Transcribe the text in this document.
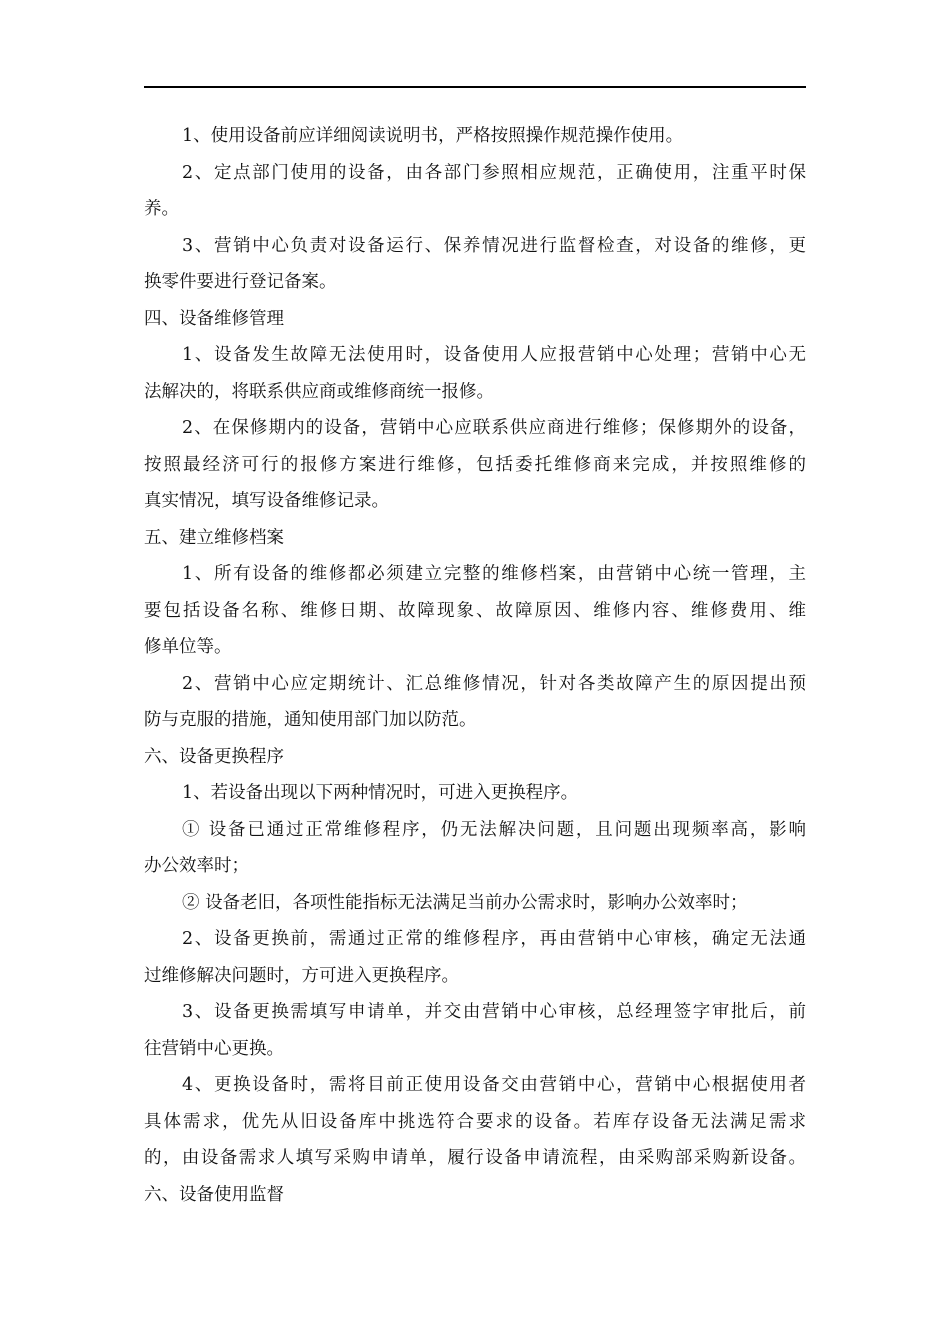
1、使用设备前应详细阅读说明书，严格按照操作规范操作使用。
2、定点部门使用的设备，由各部门参照相应规范，正确使用，注重平时保
养。
3、营销中心负责对设备运行、保养情况进行监督检查，对设备的维修，更
换零件要进行登记备案。
四、设备维修管理
1、设备发生故障无法使用时，设备使用人应报营销中心处理；营销中心无
法解决的，将联系供应商或维修商统一报修。
2、在保修期内的设备，营销中心应联系供应商进行维修；保修期外的设备，
按照最经济可行的报修方案进行维修，包括委托维修商来完成，并按照维修的
真实情况，填写设备维修记录。
五、建立维修档案
1、所有设备的维修都必须建立完整的维修档案，由营销中心统一管理，主
要包括设备名称、维修日期、故障现象、故障原因、维修内容、维修费用、维
修单位等。
2、营销中心应定期统计、汇总维修情况，针对各类故障产生的原因提出预
防与克服的措施，通知使用部门加以防范。
六、设备更换程序
1、若设备出现以下两种情况时，可进入更换程序。
① 设备已通过正常维修程序，仍无法解决问题，且问题出现频率高，影响
办公效率时；
② 设备老旧，各项性能指标无法满足当前办公需求时，影响办公效率时；
2、设备更换前，需通过正常的维修程序，再由营销中心审核，确定无法通
过维修解决问题时，方可进入更换程序。
3、设备更换需填写申请单，并交由营销中心审核，总经理签字审批后，前
往营销中心更换。
4、更换设备时，需将目前正使用设备交由营销中心，营销中心根据使用者
具体需求，优先从旧设备库中挑选符合要求的设备。若库存设备无法满足需求
的，由设备需求人填写采购申请单，履行设备申请流程，由采购部采购新设备。
六、设备使用监督
